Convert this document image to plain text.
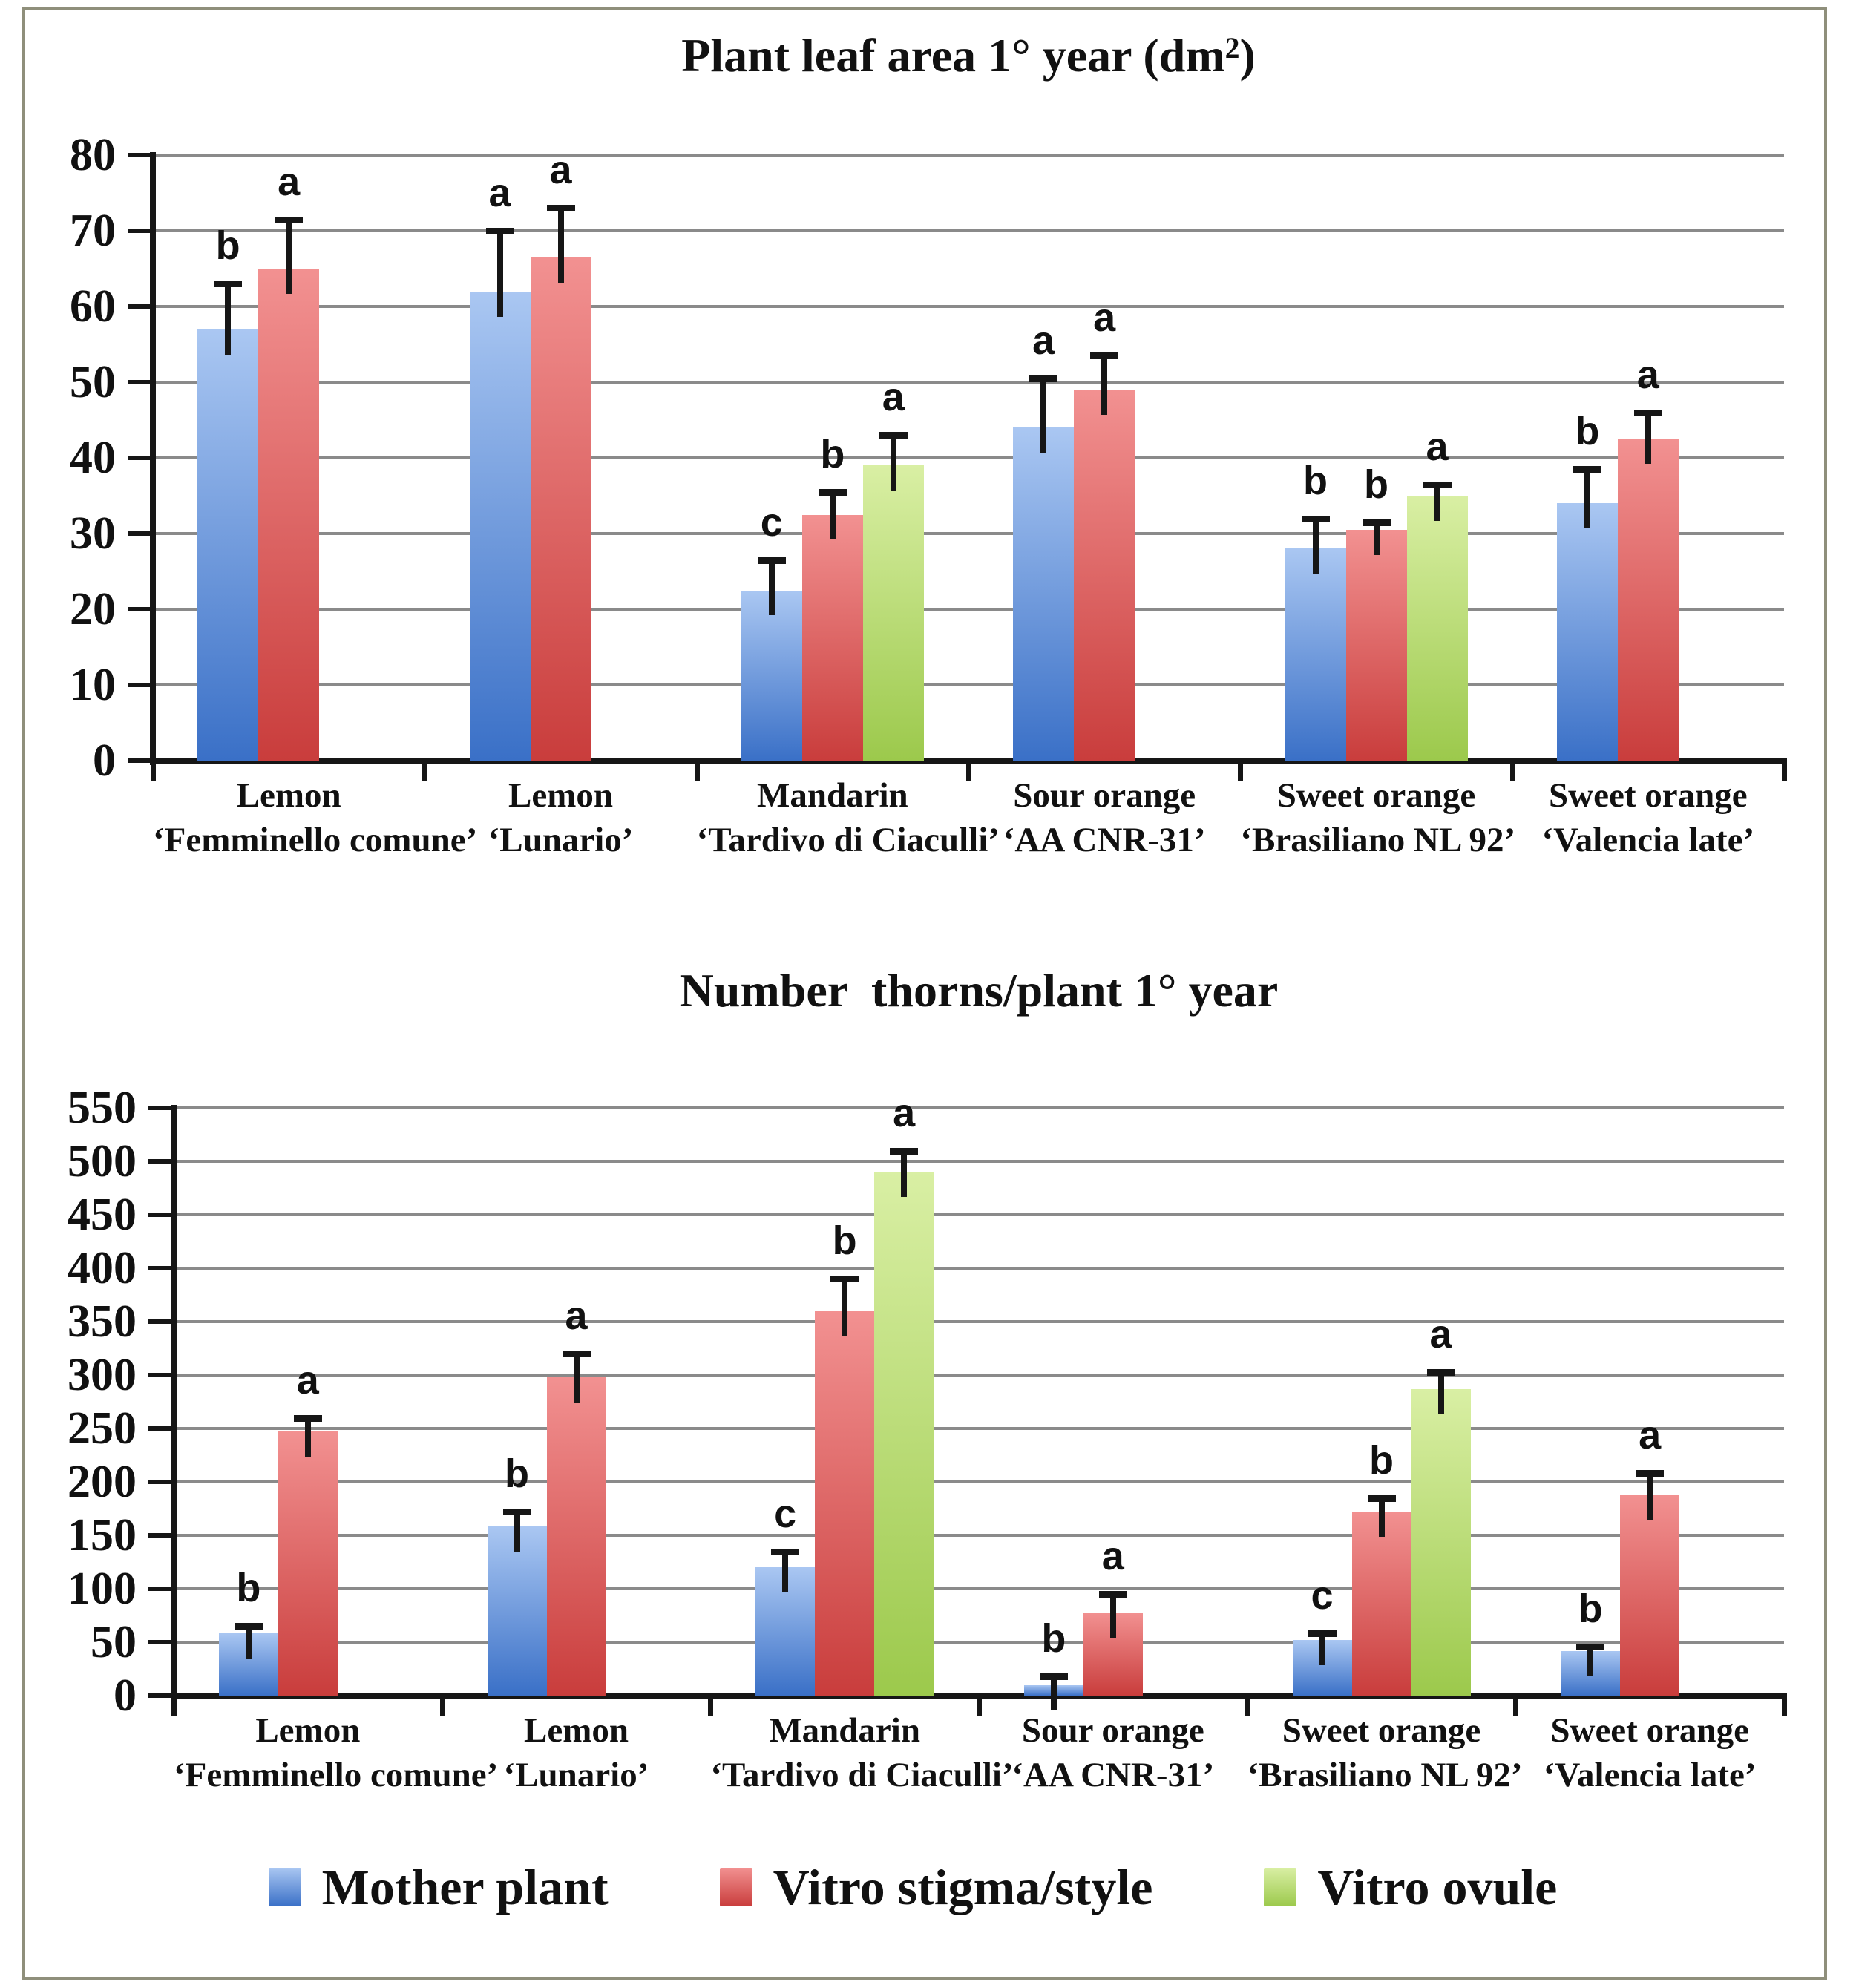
Plant leaf area 1° year $(dm^2)$
0
10
20
30
40
50
60
70
80
b
a
c
a
b
b
a	a
b
a
b
a
a
a
Lemon
‘Femminello comune’
Lemon
‘Lunario’
Mandarin
‘Tardivo di Ciaculli’
Sour orange
‘AA CNR-31’
Sweet orange
‘Brasiliano NL 92’
Sweet orange
‘Valencia late’
Number  thorns/plant 1° year
0
50
100
150
200
250
300
350
400
450
500
550
b
b
c
b
c	b
a
a
b
a
b
a
a
a
Lemon
‘Femminello comune’
Lemon
‘Lunario’
Mandarin
‘Tardivo di Ciaculli’
Sour orange
‘AA CNR-31’
Sweet orange
‘Brasiliano NL 92’
Sweet orange
‘Valencia late’
Mother plant	Vitro stigma/style	Vitro ovule
